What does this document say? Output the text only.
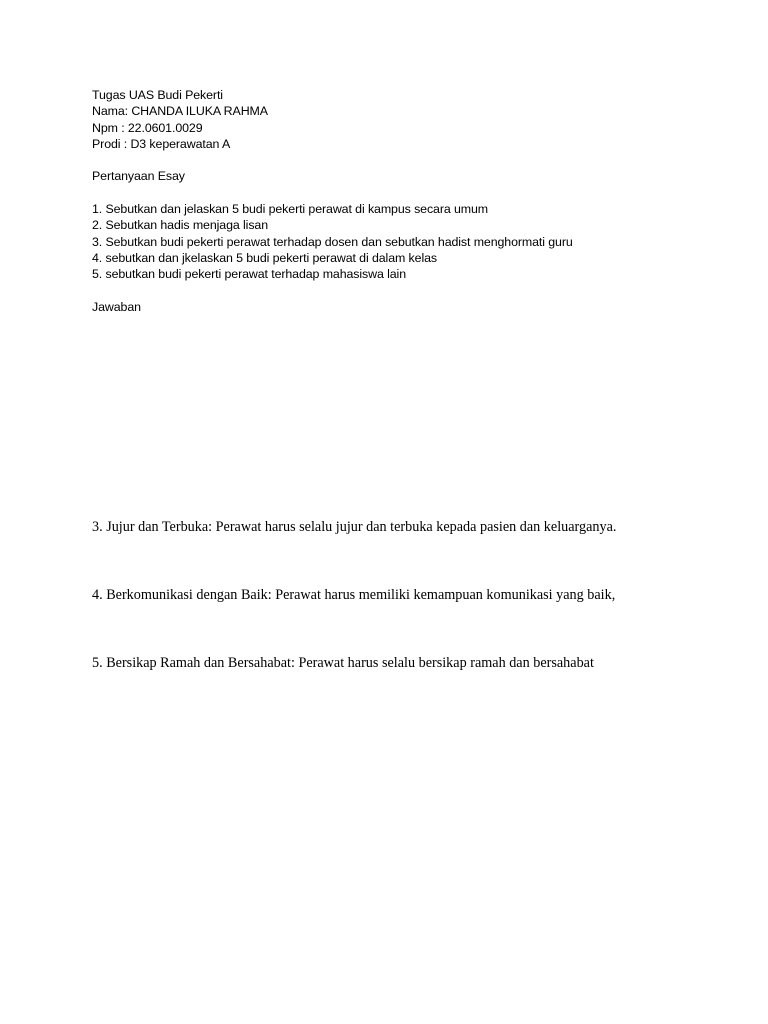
Tugas UAS Budi Pekerti
Nama: CHANDA ILUKA RAHMA
Npm : 22.0601.0029
Prodi : D3 keperawatan A
Pertanyaan Esay
1. Sebutkan dan jelaskan 5 budi pekerti perawat di kampus secara umum
2. Sebutkan hadis menjaga lisan
3. Sebutkan budi pekerti perawat terhadap dosen dan sebutkan hadist menghormati guru
4. sebutkan dan jkelaskan 5 budi pekerti perawat di dalam kelas
5. sebutkan budi pekerti perawat terhadap mahasiswa lain
Jawaban
3. Jujur dan Terbuka: Perawat harus selalu jujur dan terbuka kepada pasien dan keluarganya.
4. Berkomunikasi dengan Baik: Perawat harus memiliki kemampuan komunikasi yang baik,
5. Bersikap Ramah dan Bersahabat: Perawat harus selalu bersikap ramah dan bersahabat
